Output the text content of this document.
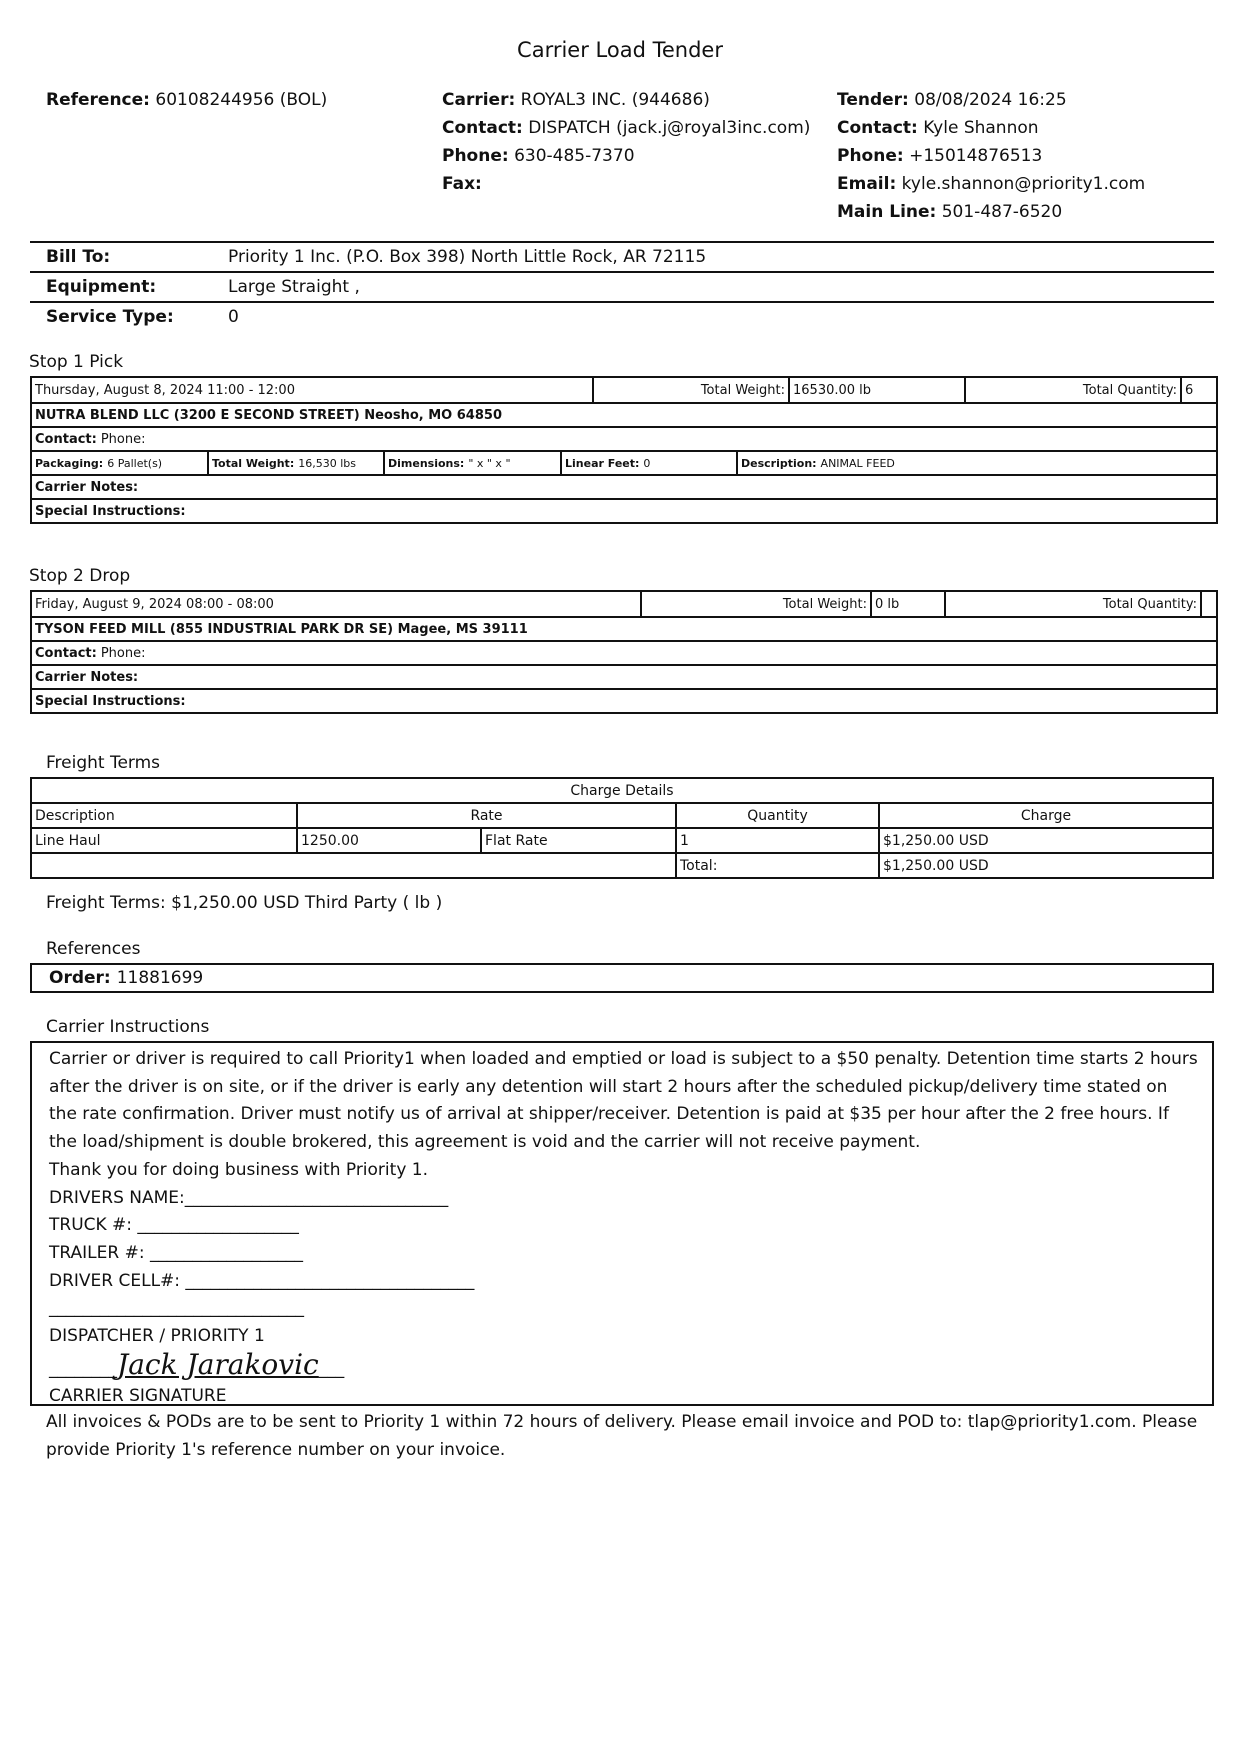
Carrier Load Tender
Reference: 60108244956 (BOL)	Carrier: ROYAL3 INC. (944686)
Contact: DISPATCH (jack.j@royal3inc.com)
Phone: 630-485-7370
Fax:
Tender: 08/08/2024 16:25
Contact: Kyle Shannon
Phone: +15014876513
Email: kyle.shannon@priority1.com
Main Line: 501-487-6520
Bill To:	Priority 1 Inc. (P.O. Box 398) North Little Rock, AR 72115
Equipment:	Large Straight ,
Service Type:	0
Stop 1 Pick
Thursday, August 8, 2024 11:00 - 12:00	Total Weight: 16530.00 lb	Total Quantity: 6
NUTRA BLEND LLC (3200 E SECOND STREET) Neosho, MO 64850
Contact: Phone:
Packaging: 6 Pallet(s)	Total Weight: 16,530 lbs	Dimensions: " x " x "	Linear Feet: 0	Description: ANIMAL FEED
Carrier Notes:
Special Instructions:
Stop 2 Drop
Friday, August 9, 2024 08:00 - 08:00	Total Weight: 0 lb	Total Quantity:
TYSON FEED MILL (855 INDUSTRIAL PARK DR SE) Magee, MS 39111
Contact: Phone:
Carrier Notes:
Special Instructions:
Freight Terms
Charge Details				
Description	Rate		Quantity	Charge
Line Haul	1250.00	Flat Rate	1	$1,250.00 USD
			Total:	$1,250.00 USD
Freight Terms: $1,250.00 USD Third Party ( lb )
References
Order: 11881699
Carrier Instructions

Carrier or driver is required to call Priority1 when loaded and emptied or load is subject to a $50 penalty. Detention time starts 2 hours after the driver is on site, or if the driver is early any detention will start 2 hours after the scheduled pickup/delivery time stated on the rate confirmation. Driver must notify us of arrival at shipper/receiver. Detention is paid at $35 per hour after the 2 free hours. If the load/shipment is double brokered, this agreement is void and the carrier will not receive payment.

Thank you for doing business with Priority 1.

DRIVERS NAME:_______________________________

TRUCK #: ___________________

TRAILER #: __________________

DRIVER CELL#: __________________________________

______________________________

DISPATCHER / PRIORITY 1

________Jack Jarakovic___

CARRIER SIGNATURE

All invoices & PODs are to be sent to Priority 1 within 72 hours of delivery. Please email invoice and POD to: tlap@priority1.com. Please provide Priority 1's reference number on your invoice.
